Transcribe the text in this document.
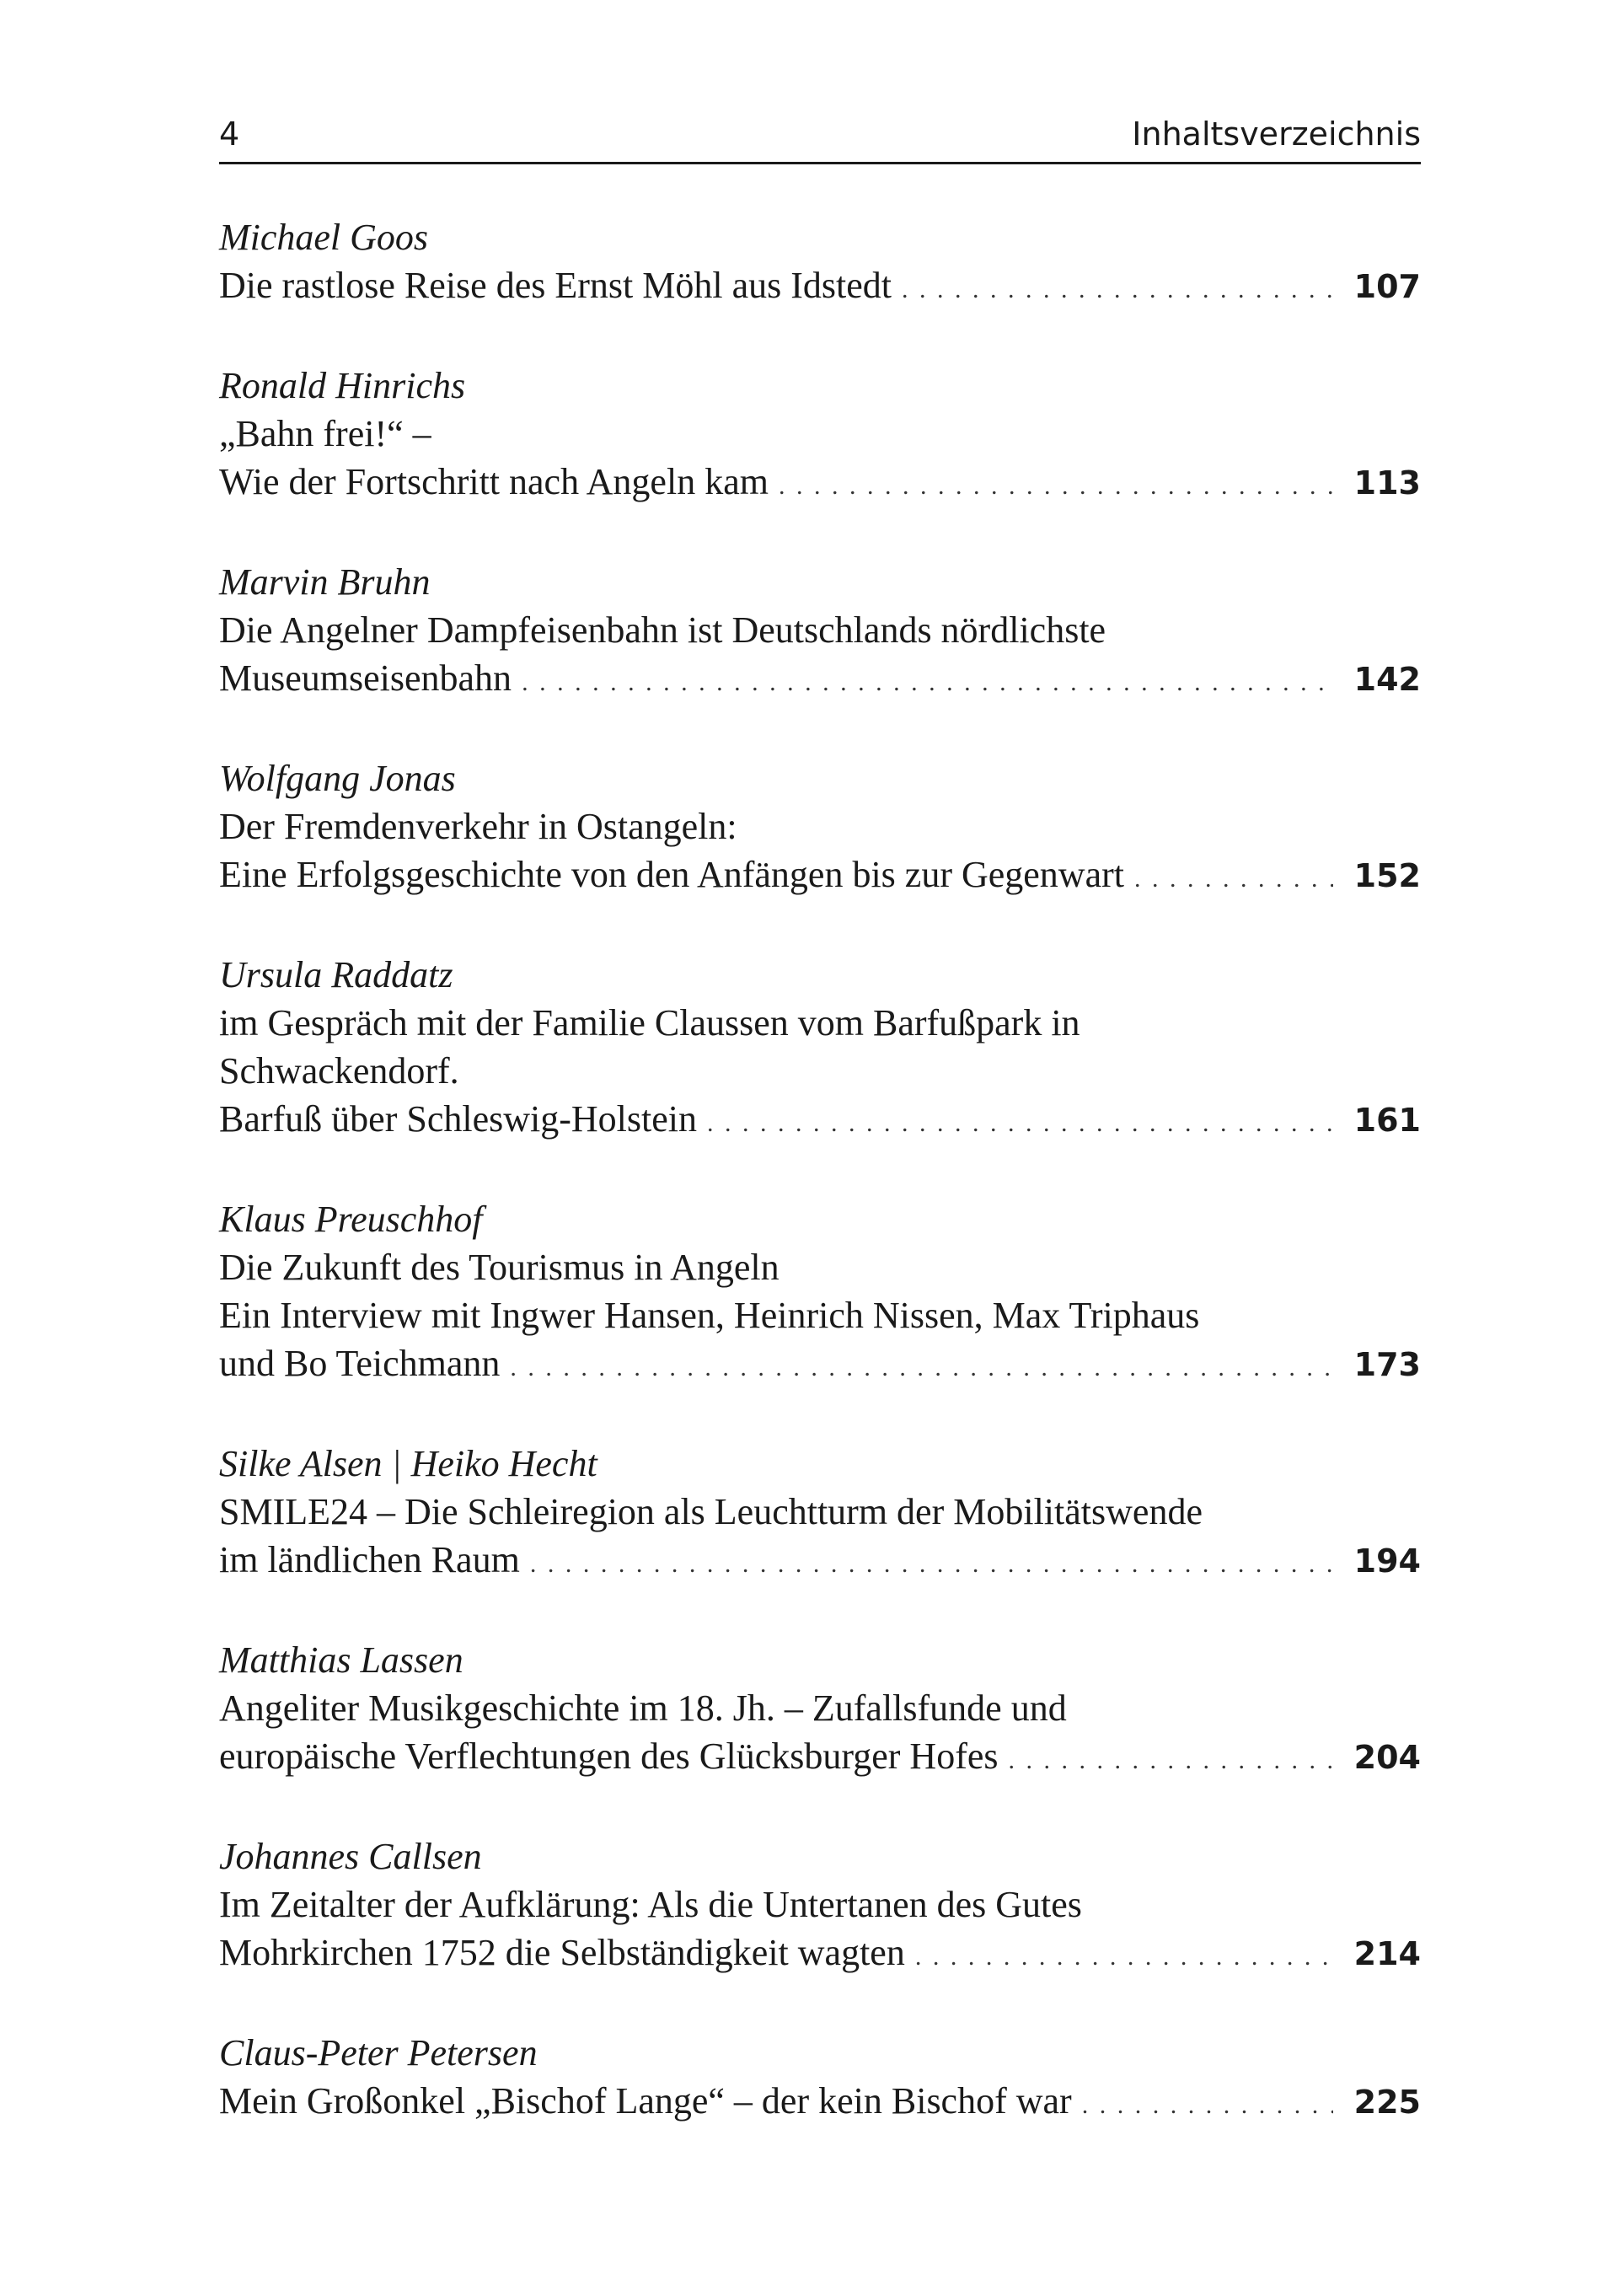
4	Inhaltsverzeichnis
Michael Goos
Die rastlose Reise des Ernst Möhl aus Idstedt . . .	107
Ronald Hinrichs
„Bahn frei!“ –
Wie der Fortschritt nach Angeln kam . . .	113
Marvin Bruhn
Die Angelner Dampfeisenbahn ist Deutschlands nördlichste
Museumseisenbahn . . .	142
Wolfgang Jonas
Der Fremdenverkehr in Ostangeln:
Eine Erfolgsgeschichte von den Anfängen bis zur Gegenwart . . .	152
Ursula Raddatz
im Gespräch mit der Familie Claussen vom Barfußpark in
Schwackendorf.
Barfuß über Schleswig-Holstein . . .	161
Klaus Preuschhof
Die Zukunft des Tourismus in Angeln
Ein Interview mit Ingwer Hansen, Heinrich Nissen, Max Triphaus
und Bo Teichmann . . .	173
Silke Alsen | Heiko Hecht
SMILE24 – Die Schleiregion als Leuchtturm der Mobilitätswende
im ländlichen Raum . . .	194
Matthias Lassen
Angeliter Musikgeschichte im 18. Jh. – Zufallsfunde und
europäische Verflechtungen des Glücksburger Hofes . . .	204
Johannes Callsen
Im Zeitalter der Aufklärung: Als die Untertanen des Gutes
Mohrkirchen 1752 die Selbständigkeit wagten . . .	214
Claus-Peter Petersen
Mein Großonkel „Bischof Lange“ – der kein Bischof war . . .	225
